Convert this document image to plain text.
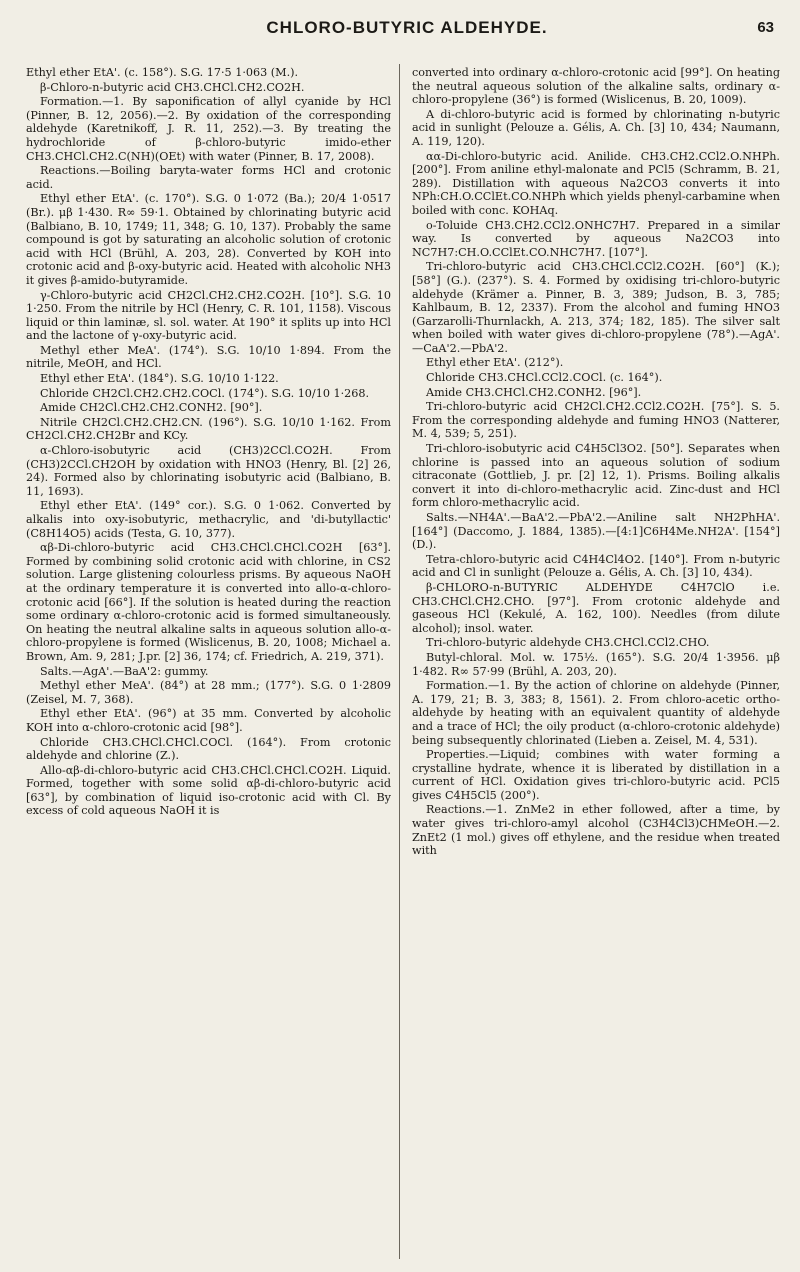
CHLORO-BUTYRIC ALDEHYDE.	63

Ethyl ether EtA'. (c. 158°). S.G. 17·5 1·063 (M.).

β-Chloro-n-butyric acid CH3.CHCl.CH2.CO2H.

Formation.—1. By saponification of allyl cyanide by HCl (Pinner, B. 12, 2056).—2. By oxidation of the corresponding aldehyde (Karetnikoff, J. R. 11, 252).—3. By treating the hydrochloride of β-chloro-butyric imido-ether CH3.CHCl.CH2.C(NH)(OEt) with water (Pinner, B. 17, 2008).

Reactions.—Boiling baryta-water forms HCl and crotonic acid.

Ethyl ether EtA'. (c. 170°). S.G. 0 1·072 (Ba.); 20/4 1·0517 (Br.). μβ 1·430. R∞ 59·1. Obtained by chlorinating butyric acid (Balbiano, B. 10, 1749; 11, 348; G. 10, 137). Probably the same compound is got by saturating an alcoholic solution of crotonic acid with HCl (Brühl, A. 203, 28). Converted by KOH into crotonic acid and β-oxy-butyric acid. Heated with alcoholic NH3 it gives β-amido-butyramide.

γ-Chloro-butyric acid CH2Cl.CH2.CH2.CO2H. [10°]. S.G. 10 1·250. From the nitrile by HCl (Henry, C. R. 101, 1158). Viscous liquid or thin laminæ, sl. sol. water. At 190° it splits up into HCl and the lactone of γ-oxy-butyric acid.

Methyl ether MeA'. (174°). S.G. 10/10 1·894. From the nitrile, MeOH, and HCl.

Ethyl ether EtA'. (184°). S.G. 10/10 1·122.

Chloride CH2Cl.CH2.CH2.COCl. (174°). S.G. 10/10 1·268.

Amide CH2Cl.CH2.CH2.CONH2. [90°].

Nitrile CH2Cl.CH2.CH2.CN. (196°). S.G. 10/10 1·162. From CH2Cl.CH2.CH2Br and KCy.

α-Chloro-isobutyric acid (CH3)2CCl.CO2H. From (CH3)2CCl.CH2OH by oxidation with HNO3 (Henry, Bl. [2] 26, 24). Formed also by chlorinating isobutyric acid (Balbiano, B. 11, 1693).

Ethyl ether EtA'. (149° cor.). S.G. 0 1·062. Converted by alkalis into oxy-isobutyric, methacrylic, and 'di-butyllactic' (C8H14O5) acids (Testa, G. 10, 377).

αβ-Di-chloro-butyric acid CH3.CHCl.CHCl.CO2H [63°]. Formed by combining solid crotonic acid with chlorine, in CS2 solution. Large glistening colourless prisms. By aqueous NaOH at the ordinary temperature it is converted into allo-α-chloro-crotonic acid [66°]. If the solution is heated during the reaction some ordinary α-chloro-crotonic acid is formed simultaneously. On heating the neutral alkaline salts in aqueous solution allo-α-chloro-propylene is formed (Wislicenus, B. 20, 1008; Michael a. Brown, Am. 9, 281; J.pr. [2] 36, 174; cf. Friedrich, A. 219, 371).

Salts.—AgA'.—BaA'2: gummy.

Methyl ether MeA'. (84°) at 28 mm.; (177°). S.G. 0 1·2809 (Zeisel, M. 7, 368).

Ethyl ether EtA'. (96°) at 35 mm. Converted by alcoholic KOH into α-chloro-crotonic acid [98°].

Chloride CH3.CHCl.CHCl.COCl. (164°). From crotonic aldehyde and chlorine (Z.).

Allo-αβ-di-chloro-butyric acid CH3.CHCl.CHCl.CO2H. Liquid. Formed, together with some solid αβ-di-chloro-butyric acid [63°], by combination of liquid iso-crotonic acid with Cl. By excess of cold aqueous NaOH it is

converted into ordinary α-chloro-crotonic acid [99°]. On heating the neutral aqueous solution of the alkaline salts, ordinary α-chloro-propylene (36°) is formed (Wislicenus, B. 20, 1009).

A di-chloro-butyric acid is formed by chlorinating n-butyric acid in sunlight (Pelouze a. Gélis, A. Ch. [3] 10, 434; Naumann, A. 119, 120).

αα-Di-chloro-butyric acid. Anilide. CH3.CH2.CCl2.O.NHPh. [200°]. From aniline ethyl-malonate and PCl5 (Schramm, B. 21, 289). Distillation with aqueous Na2CO3 converts it into NPh:CH.O.CClEt.CO.NHPh which yields phenyl-carbamine when boiled with conc. KOHAq.

o-Toluide CH3.CH2.CCl2.ONHC7H7. Prepared in a similar way. Is converted by aqueous Na2CO3 into NC7H7:CH.O.CClEt.CO.NHC7H7. [107°].

Tri-chloro-butyric acid CH3.CHCl.CCl2.CO2H. [60°] (K.); [58°] (G.). (237°). S. 4. Formed by oxidising tri-chloro-butyric aldehyde (Krämer a. Pinner, B. 3, 389; Judson, B. 3, 785; Kahlbaum, B. 12, 2337). From the alcohol and fuming HNO3 (Garzarolli-Thurnlackh, A. 213, 374; 182, 185). The silver salt when boiled with water gives di-chloro-propylene (78°).—AgA'.—CaA'2.—PbA'2.

Ethyl ether EtA'. (212°).

Chloride CH3.CHCl.CCl2.COCl. (c. 164°).

Amide CH3.CHCl.CH2.CONH2. [96°].

Tri-chloro-butyric acid CH2Cl.CH2.CCl2.CO2H. [75°]. S. 5. From the corresponding aldehyde and fuming HNO3 (Natterer, M. 4, 539; 5, 251).

Tri-chloro-isobutyric acid C4H5Cl3O2. [50°]. Separates when chlorine is passed into an aqueous solution of sodium citraconate (Gottlieb, J. pr. [2] 12, 1). Prisms. Boiling alkalis convert it into di-chloro-methacrylic acid. Zinc-dust and HCl form chloro-methacrylic acid.

Salts.—NH4A'.—BaA'2.—PbA'2.—Aniline salt NH2PhHA'. [164°] (Daccomo, J. 1884, 1385).—[4:1]C6H4Me.NH2A'. [154°] (D.).

Tetra-chloro-butyric acid C4H4Cl4O2. [140°]. From n-butyric acid and Cl in sunlight (Pelouze a. Gélis, A. Ch. [3] 10, 434).

β-CHLORO-n-BUTYRIC ALDEHYDE C4H7ClO i.e. CH3.CHCl.CH2.CHO. [97°]. From crotonic aldehyde and gaseous HCl (Kekulé, A. 162, 100). Needles (from dilute alcohol); insol. water.

Tri-chloro-butyric aldehyde CH3.CHCl.CCl2.CHO.

Butyl-chloral. Mol. w. 175½. (165°). S.G. 20/4 1·3956. μβ 1·482. R∞ 57·99 (Brühl, A. 203, 20).

Formation.—1. By the action of chlorine on aldehyde (Pinner, A. 179, 21; B. 3, 383; 8, 1561). 2. From chloro-acetic ortho-aldehyde by heating with an equivalent quantity of aldehyde and a trace of HCl; the oily product (α-chloro-crotonic aldehyde) being subsequently chlorinated (Lieben a. Zeisel, M. 4, 531).

Properties.—Liquid; combines with water forming a crystalline hydrate, whence it is liberated by distillation in a current of HCl. Oxidation gives tri-chloro-butyric acid. PCl5 gives C4H5Cl5 (200°).

Reactions.—1. ZnMe2 in ether followed, after a time, by water gives tri-chloro-amyl alcohol (C3H4Cl3)CHMeOH.—2. ZnEt2 (1 mol.) gives off ethylene, and the residue when treated with
